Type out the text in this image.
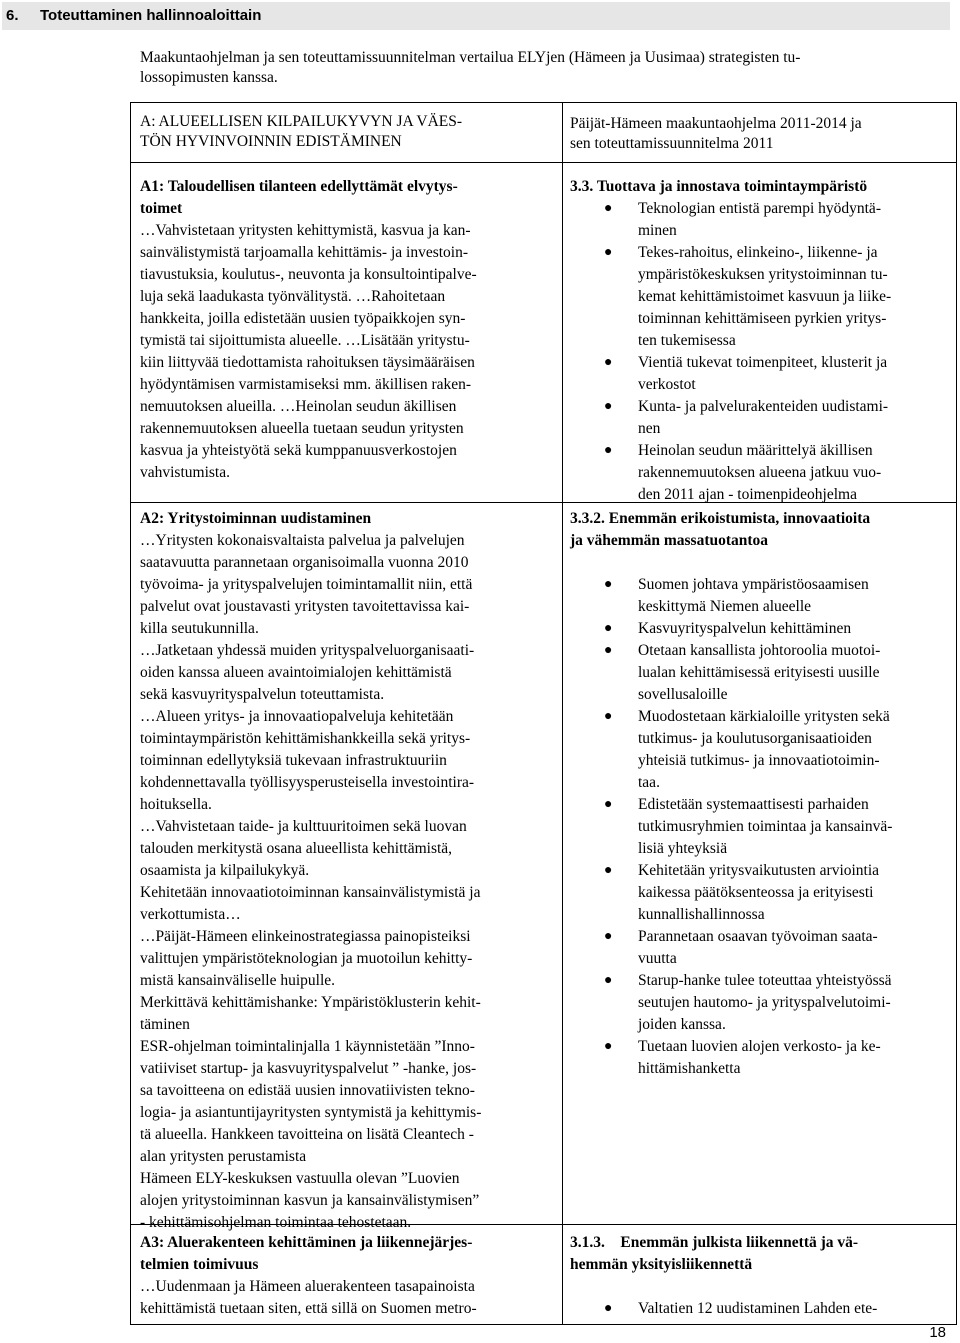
6. Toteuttaminen hallinnoaloittain
Maakuntaohjelman ja sen toteuttamissuunnitelman vertailua ELYjen (Hämeen ja Uusimaa) strategisten tu-
lossopimusten kanssa.
A: ALUEELLISEN KILPAILUKYVYN JA VÄES-
TÖN HYVINVOINNIN EDISTÄMINEN
Päijät-Hämeen maakuntaohjelma 2011-2014 ja
sen toteuttamissuunnitelma 2011
A1: Taloudellisen tilanteen edellyttämät elvytys-
toimet
…Vahvistetaan yritysten kehittymistä, kasvua ja kan-
sainvälistymistä tarjoamalla kehittämis- ja investoin-
tiavustuksia, koulutus-, neuvonta ja konsultointipalve-
luja sekä laadukasta työnvälitystä. …Rahoitetaan
hankkeita, joilla edistetään uusien työpaikkojen syn-
tymistä tai sijoittumista alueelle. …Lisätään yritystu-
kiin liittyvää tiedottamista rahoituksen täysimääräisen
hyödyntämisen varmistamiseksi mm. äkillisen raken-
nemuutoksen alueilla. …Heinolan seudun äkillisen
rakennemuutoksen alueella tuetaan seudun yritysten
kasvua ja yhteistyötä sekä kumppanuusverkostojen
vahvistumista.
3.3. Tuottava ja innostava toimintaympäristö
● Teknologian entistä parempi hyödyntä-
minen
● Tekes-rahoitus, elinkeino-, liikenne- ja
ympäristökeskuksen yritystoiminnan tu-
kemat kehittämistoimet kasvuun ja liike-
toiminnan kehittämiseen pyrkien yritys-
ten tukemisessa
● Vientiä tukevat toimenpiteet, klusterit ja
verkostot
● Kunta- ja palvelurakenteiden uudistami-
nen
● Heinolan seudun määrittelyä äkillisen
rakennemuutoksen alueena jatkuu vuo-
den 2011 ajan - toimenpideohjelma
A2: Yritystoiminnan uudistaminen
…Yritysten kokonaisvaltaista palvelua ja palvelujen
saatavuutta parannetaan organisoimalla vuonna 2010
työvoima- ja yrityspalvelujen toimintamallit niin, että
palvelut ovat joustavasti yritysten tavoitettavissa kai-
killa seutukunnilla.
…Jatketaan yhdessä muiden yrityspalveluorganisaati-
oiden kanssa alueen avaintoimialojen kehittämistä
sekä kasvuyrityspalvelun toteuttamista.
…Alueen yritys- ja innovaatiopalveluja kehitetään
toimintaympäristön kehittämishankkeilla sekä yritys-
toiminnan edellytyksiä tukevaan infrastruktuuriin
kohdennettavalla työllisyysperusteisella investointira-
hoituksella.
…Vahvistetaan taide- ja kulttuuritoimen sekä luovan
talouden merkitystä osana alueellista kehittämistä,
osaamista ja kilpailukykyä.
Kehitetään innovaatiotoiminnan kansainvälistymistä ja
verkottumista…
…Päijät-Hämeen elinkeinostrategiassa painopisteiksi
valittujen ympäristöteknologian ja muotoilun kehitty-
mistä kansainväliselle huipulle.
Merkittävä kehittämishanke: Ympäristöklusterin kehit-
täminen
ESR-ohjelman toimintalinjalla 1 käynnistetään ”Inno-
vatiiviset startup- ja kasvuyrityspalvelut ” -hanke, jos-
sa tavoitteena on edistää uusien innovatiivisten tekno-
logia- ja asiantuntijayritysten syntymistä ja kehittymis-
tä alueella. Hankkeen tavoitteina on lisätä Cleantech -
alan yritysten perustamista
Hämeen ELY-keskuksen vastuulla olevan ”Luovien
alojen yritystoiminnan kasvun ja kansainvälistymisen”
- kehittämisohjelman toimintaa tehostetaan.
3.3.2. Enemmän erikoistumista, innovaatioita
ja vähemmän massatuotantoa
● Suomen johtava ympäristöosaamisen
keskittymä Niemen alueelle
● Kasvuyrityspalvelun kehittäminen
● Otetaan kansallista johtoroolia muotoi-
lualan kehittämisessä erityisesti uusille
sovellusaloille
● Muodostetaan kärkialoille yritysten sekä
tutkimus- ja koulutusorganisaatioiden
yhteisiä tutkimus- ja innovaatiotoimin-
taa.
● Edistetään systemaattisesti parhaiden
tutkimusryhmien toimintaa ja kansainvä-
lisiä yhteyksiä
● Kehitetään yritysvaikutusten arviointia
kaikessa päätöksenteossa ja erityisesti
kunnallishallinnossa
● Parannetaan osaavan työvoiman saata-
vuutta
● Starup-hanke tulee toteuttaa yhteistyössä
seutujen hautomo- ja yrityspalvelutoimi-
joiden kanssa.
● Tuetaan luovien alojen verkosto- ja ke-
hittämishanketta
A3: Aluerakenteen kehittäminen ja liikennejärjes-
telmien toimivuus
…Uudenmaan ja Hämeen aluerakenteen tasapainoista
kehittämistä tuetaan siten, että sillä on Suomen metro-
3.1.3.    Enemmän julkista liikennettä ja vä-
hemmän yksityisliikennettä
● Valtatien 12 uudistaminen Lahden ete-
18
